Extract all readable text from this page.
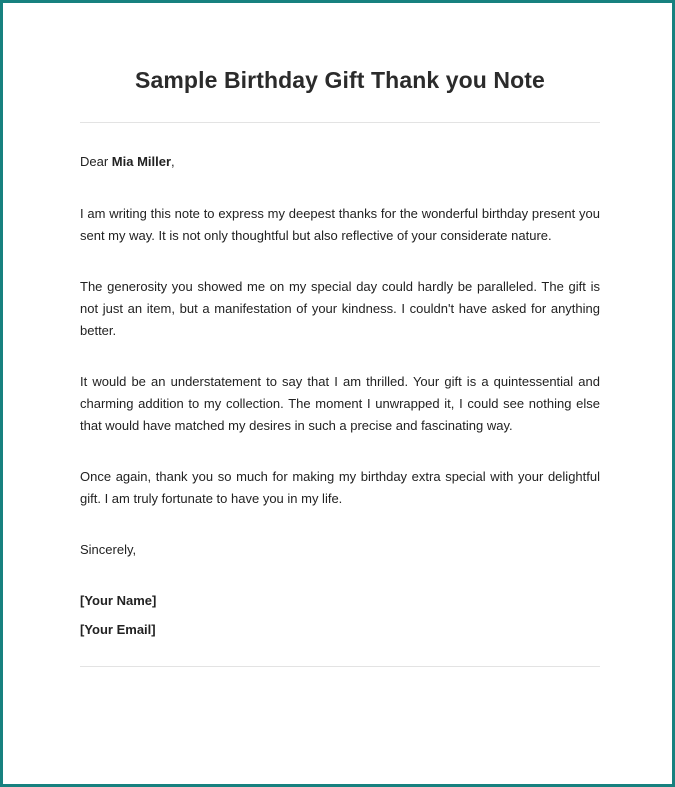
Sample Birthday Gift Thank you Note
Dear Mia Miller,

I am writing this note to express my deepest thanks for the wonderful birthday present you sent my way. It is not only thoughtful but also reflective of your considerate nature.

The generosity you showed me on my special day could hardly be paralleled. The gift is not just an item, but a manifestation of your kindness. I couldn't have asked for anything better.

It would be an understatement to say that I am thrilled. Your gift is a quintessential and charming addition to my collection. The moment I unwrapped it, I could see nothing else that would have matched my desires in such a precise and fascinating way.

Once again, thank you so much for making my birthday extra special with your delightful gift. I am truly fortunate to have you in my life.

Sincerely,
[Your Name]
[Your Email]
